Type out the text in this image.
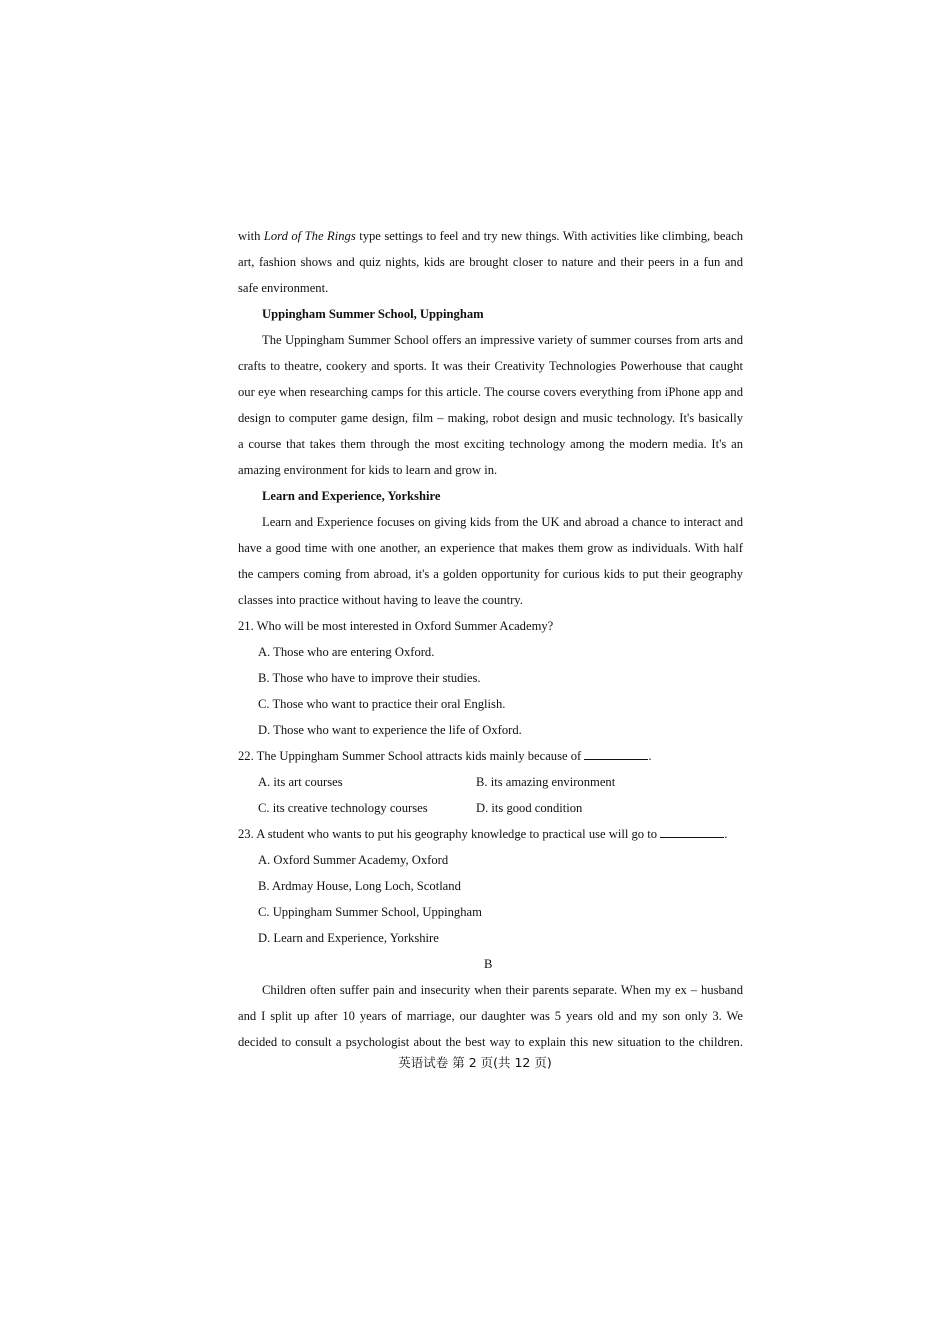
with Lord of The Rings type settings to feel and try new things. With activities like climbing, beach
art, fashion shows and quiz nights, kids are brought closer to nature and their peers in a fun and
safe environment.
Uppingham Summer School, Uppingham
The Uppingham Summer School offers an impressive variety of summer courses from arts and
crafts to theatre, cookery and sports. It was their Creativity Technologies Powerhouse that caught
our eye when researching camps for this article. The course covers everything from iPhone app and
design to computer game design, film – making, robot design and music technology. It's basically
a course that takes them through the most exciting technology among the modern media. It's an
amazing environment for kids to learn and grow in.
Learn and Experience, Yorkshire
Learn and Experience focuses on giving kids from the UK and abroad a chance to interact and
have a good time with one another, an experience that makes them grow as individuals. With half
the campers coming from abroad, it's a golden opportunity for curious kids to put their geography
classes into practice without having to leave the country.
21. Who will be most interested in Oxford Summer Academy?
A. Those who are entering Oxford.
B. Those who have to improve their studies.
C. Those who want to practice their oral English.
D. Those who want to experience the life of Oxford.
22. The Uppingham Summer School attracts kids mainly because of	.
A. its art courses	B. its amazing environment
C. its creative technology courses	D. its good condition
23. A student who wants to put his geography knowledge to practical use will go to	.
A. Oxford Summer Academy, Oxford
B. Ardmay House, Long Loch, Scotland
C. Uppingham Summer School, Uppingham
D. Learn and Experience, Yorkshire
B
Children often suffer pain and insecurity when their parents separate. When my ex – husband
and I split up after 10 years of marriage, our daughter was 5 years old and my son only 3. We
decided to consult a psychologist about the best way to explain this new situation to the children.
英语试卷 第 2 页(共 12 页)
